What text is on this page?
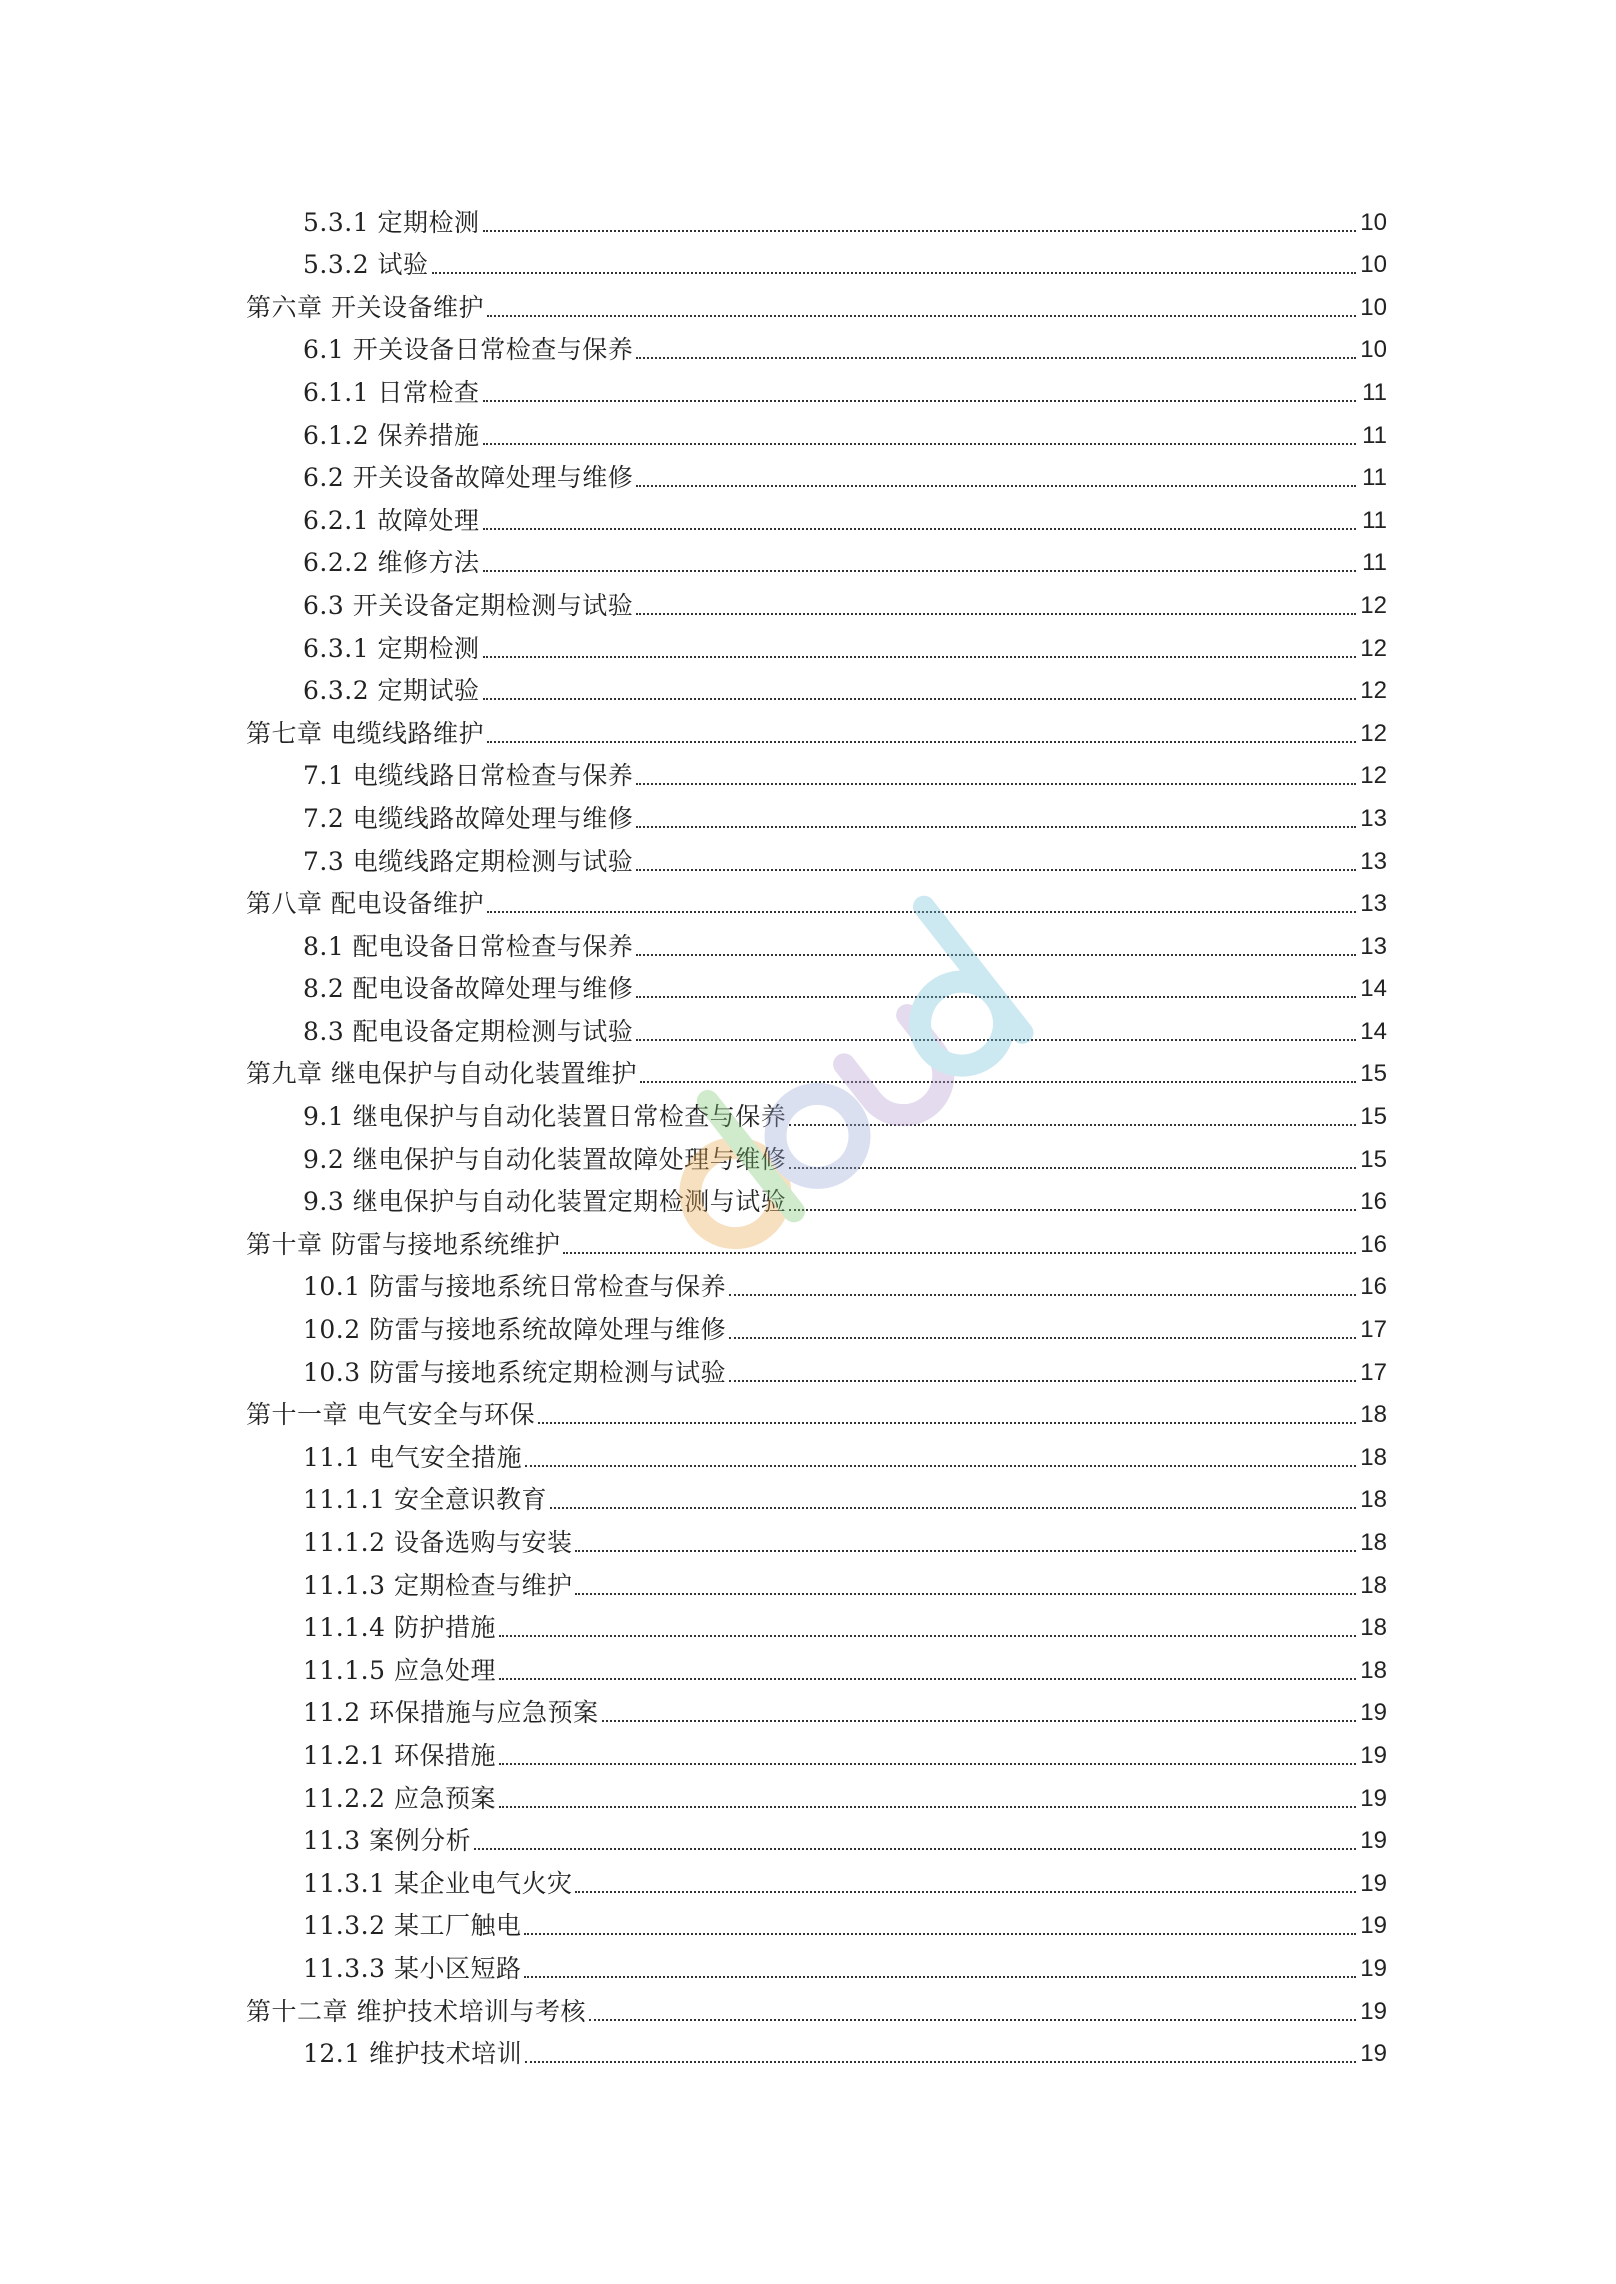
5.3.1 定期检测	10
5.3.2 试验	10
第六章 开关设备维护	10
6.1 开关设备日常检查与保养	10
6.1.1 日常检查	11
6.1.2 保养措施	11
6.2 开关设备故障处理与维修	11
6.2.1 故障处理	11
6.2.2 维修方法	11
6.3 开关设备定期检测与试验	12
6.3.1 定期检测	12
6.3.2 定期试验	12
第七章 电缆线路维护	12
7.1 电缆线路日常检查与保养	12
7.2 电缆线路故障处理与维修	13
7.3 电缆线路定期检测与试验	13
第八章 配电设备维护	13
8.1 配电设备日常检查与保养	13
8.2 配电设备故障处理与维修	14
8.3 配电设备定期检测与试验	14
第九章 继电保护与自动化装置维护	15
9.1 继电保护与自动化装置日常检查与保养	15
9.2 继电保护与自动化装置故障处理与维修	15
9.3 继电保护与自动化装置定期检测与试验	16
第十章 防雷与接地系统维护	16
10.1 防雷与接地系统日常检查与保养	16
10.2 防雷与接地系统故障处理与维修	17
10.3 防雷与接地系统定期检测与试验	17
第十一章 电气安全与环保	18
11.1 电气安全措施	18
11.1.1 安全意识教育	18
11.1.2 设备选购与安装	18
11.1.3 定期检查与维护	18
11.1.4 防护措施	18
11.1.5 应急处理	18
11.2 环保措施与应急预案	19
11.2.1 环保措施	19
11.2.2 应急预案	19
11.3 案例分析	19
11.3.1 某企业电气火灾	19
11.3.2 某工厂触电	19
11.3.3 某小区短路	19
第十二章 维护技术培训与考核	19
12.1 维护技术培训	19
